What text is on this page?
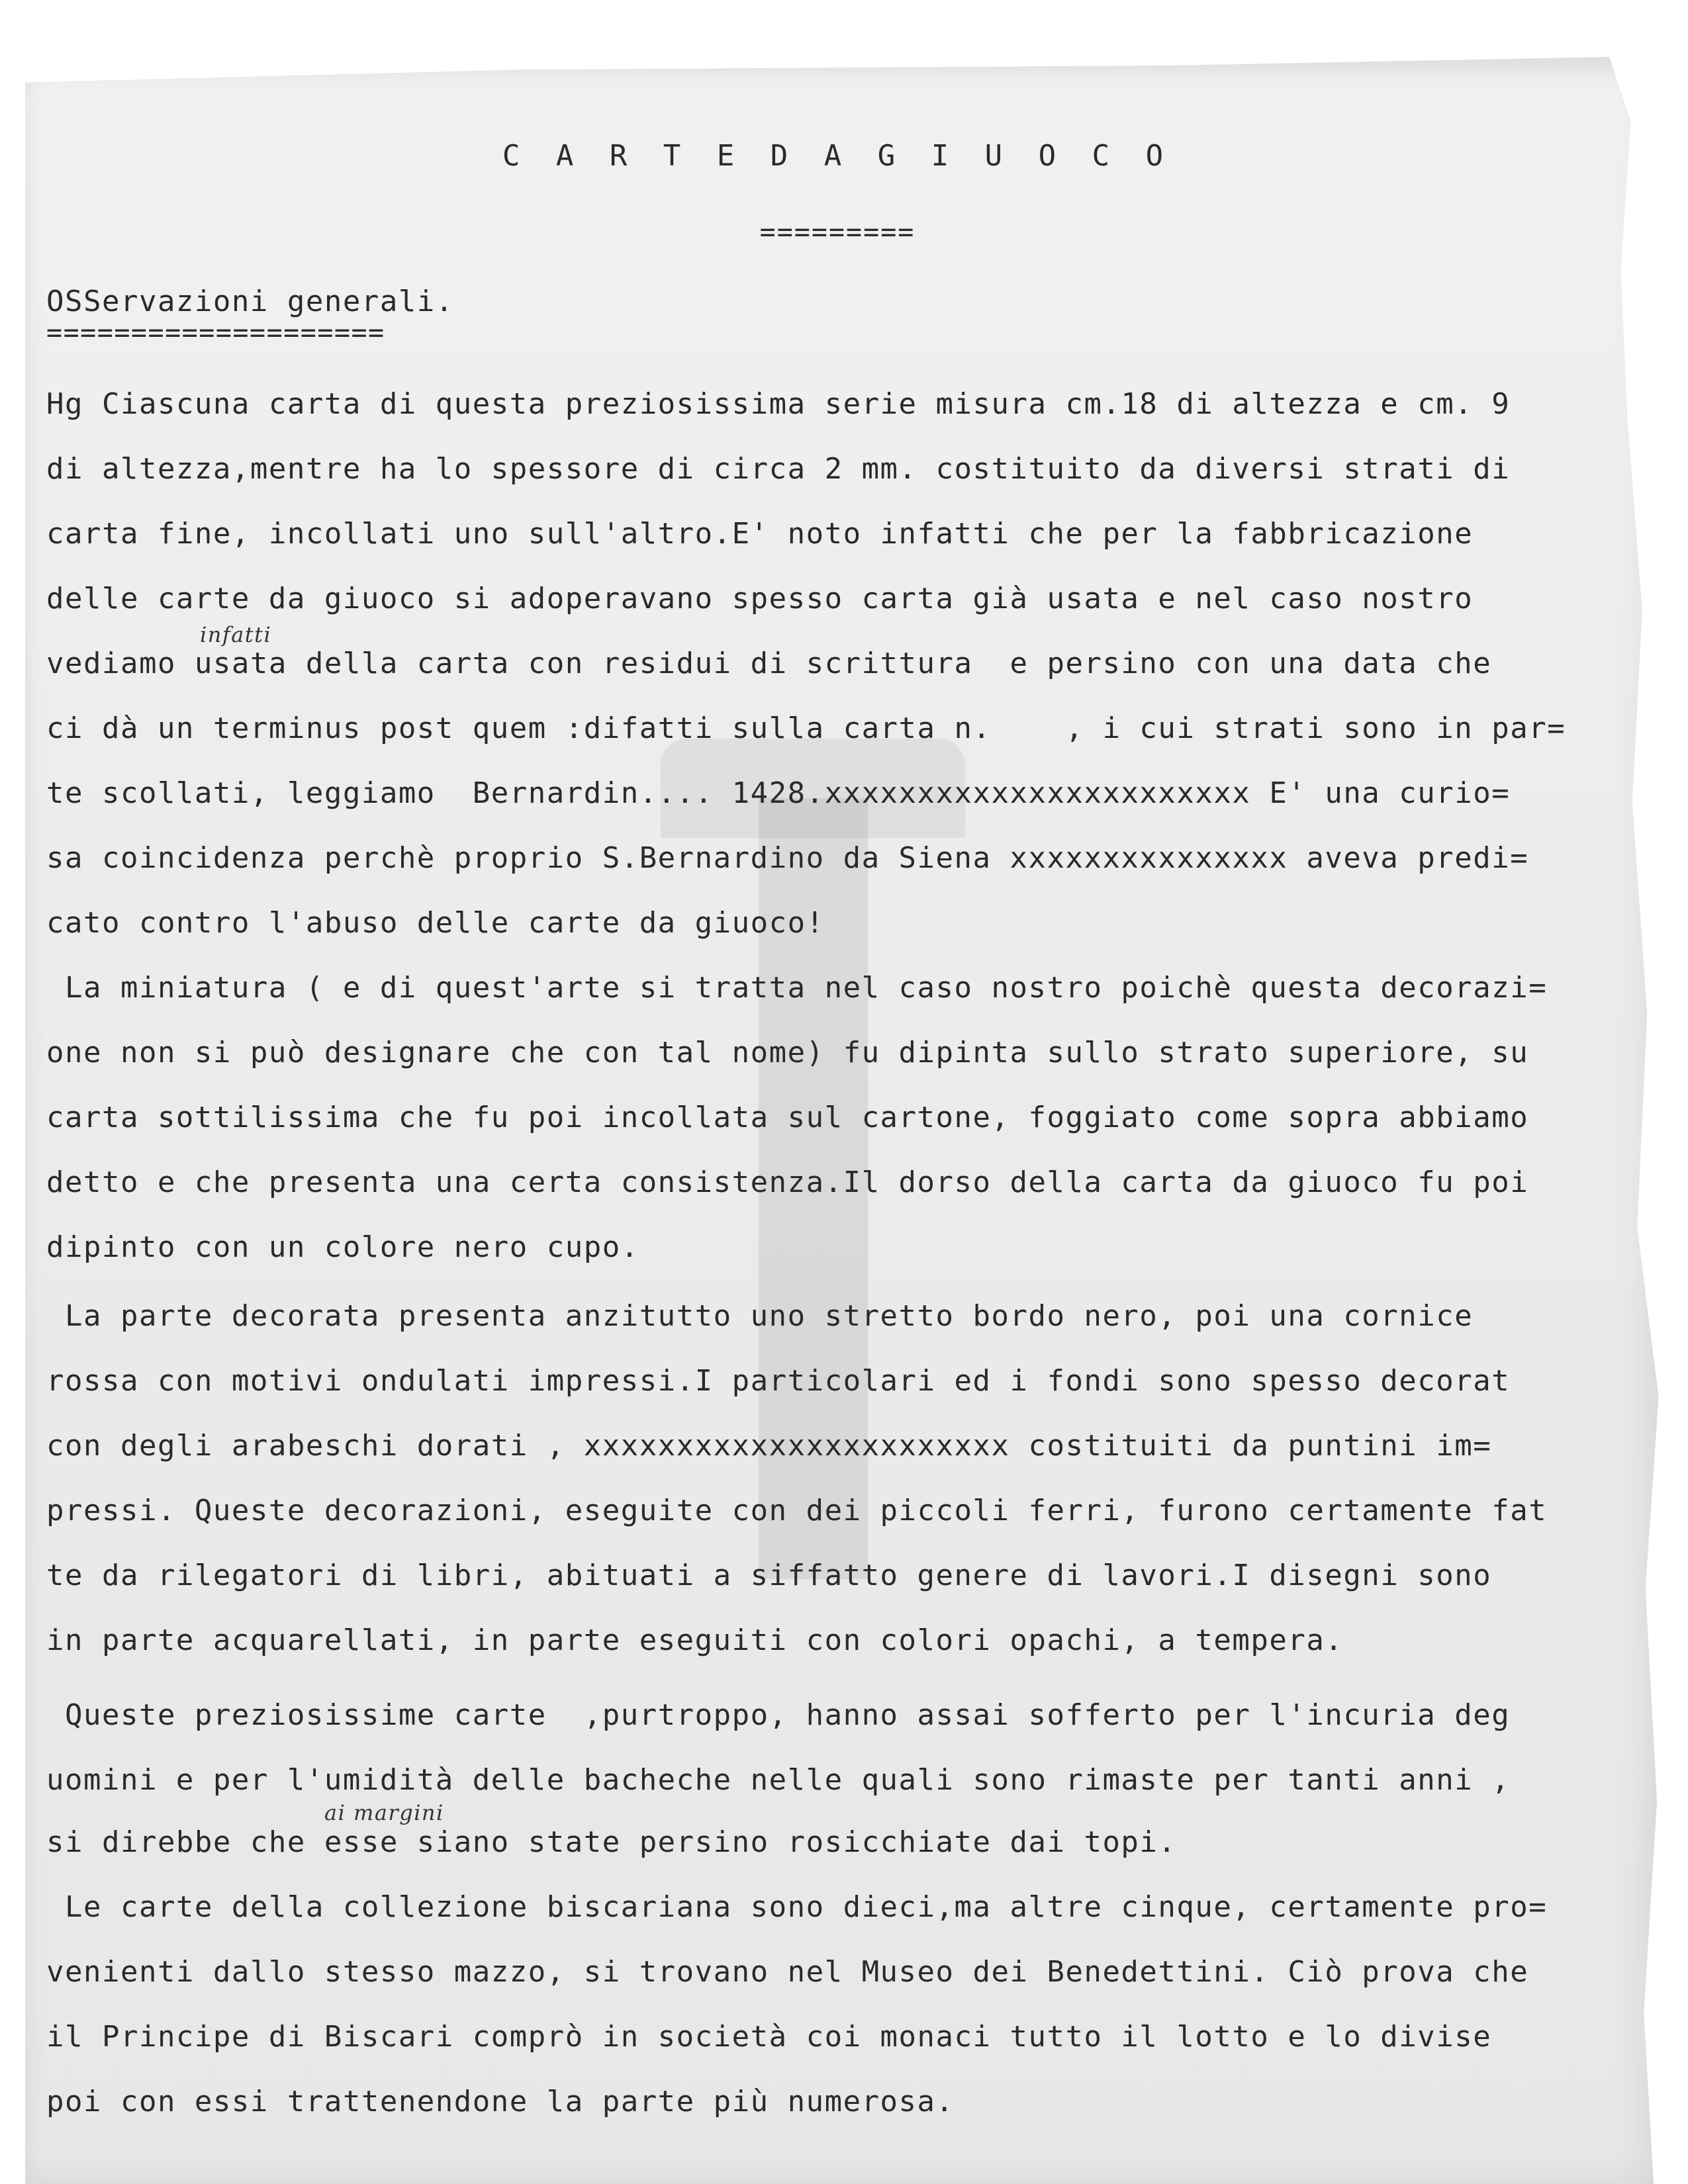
C A R T E D A G I U O C O
=========
OSServazioni generali.
====================
Hg Ciascuna carta di questa preziosissima serie misura cm.18 di altezza e cm. 9
di altezza,mentre ha lo spessore di circa 2 mm. costituito da diversi strati di
carta fine, incollati uno sull'altro.E' noto infatti che per la fabbricazione
delle carte da giuoco si adoperavano spesso carta già usata e nel caso nostro
infatti
vediamo usata della carta con residui di scrittura  e persino con una data che
ci dà un terminus post quem :difatti sulla carta n.    , i cui strati sono in par=
te scollati, leggiamo  Bernardin.... 1428.xxxxxxxxxxxxxxxxxxxxxxx E' una curio=
sa coincidenza perchè proprio S.Bernardino da Siena xxxxxxxxxxxxxxx aveva predi=
cato contro l'abuso delle carte da giuoco!
La miniatura ( e di quest'arte si tratta nel caso nostro poichè questa decorazi=
one non si può designare che con tal nome) fu dipinta sullo strato superiore, su
carta sottilissima che fu poi incollata sul cartone, foggiato come sopra abbiamo
detto e che presenta una certa consistenza.Il dorso della carta da giuoco fu poi
dipinto con un colore nero cupo.
La parte decorata presenta anzitutto uno stretto bordo nero, poi una cornice
rossa con motivi ondulati impressi.I particolari ed i fondi sono spesso decorat
con degli arabeschi dorati , xxxxxxxxxxxxxxxxxxxxxxx costituiti da puntini im=
pressi. Queste decorazioni, eseguite con dei piccoli ferri, furono certamente fat
te da rilegatori di libri, abituati a siffatto genere di lavori.I disegni sono
in parte acquarellati, in parte eseguiti con colori opachi, a tempera.
Queste preziosissime carte  ,purtroppo, hanno assai sofferto per l'incuria deg
uomini e per l'umidità delle bacheche nelle quali sono rimaste per tanti anni ,
ai margini
si direbbe che esse siano state persino rosicchiate dai topi.
Le carte della collezione biscariana sono dieci,ma altre cinque, certamente pro=
venienti dallo stesso mazzo, si trovano nel Museo dei Benedettini. Ciò prova che
il Principe di Biscari comprò in società coi monaci tutto il lotto e lo divise
poi con essi trattenendone la parte più numerosa.
